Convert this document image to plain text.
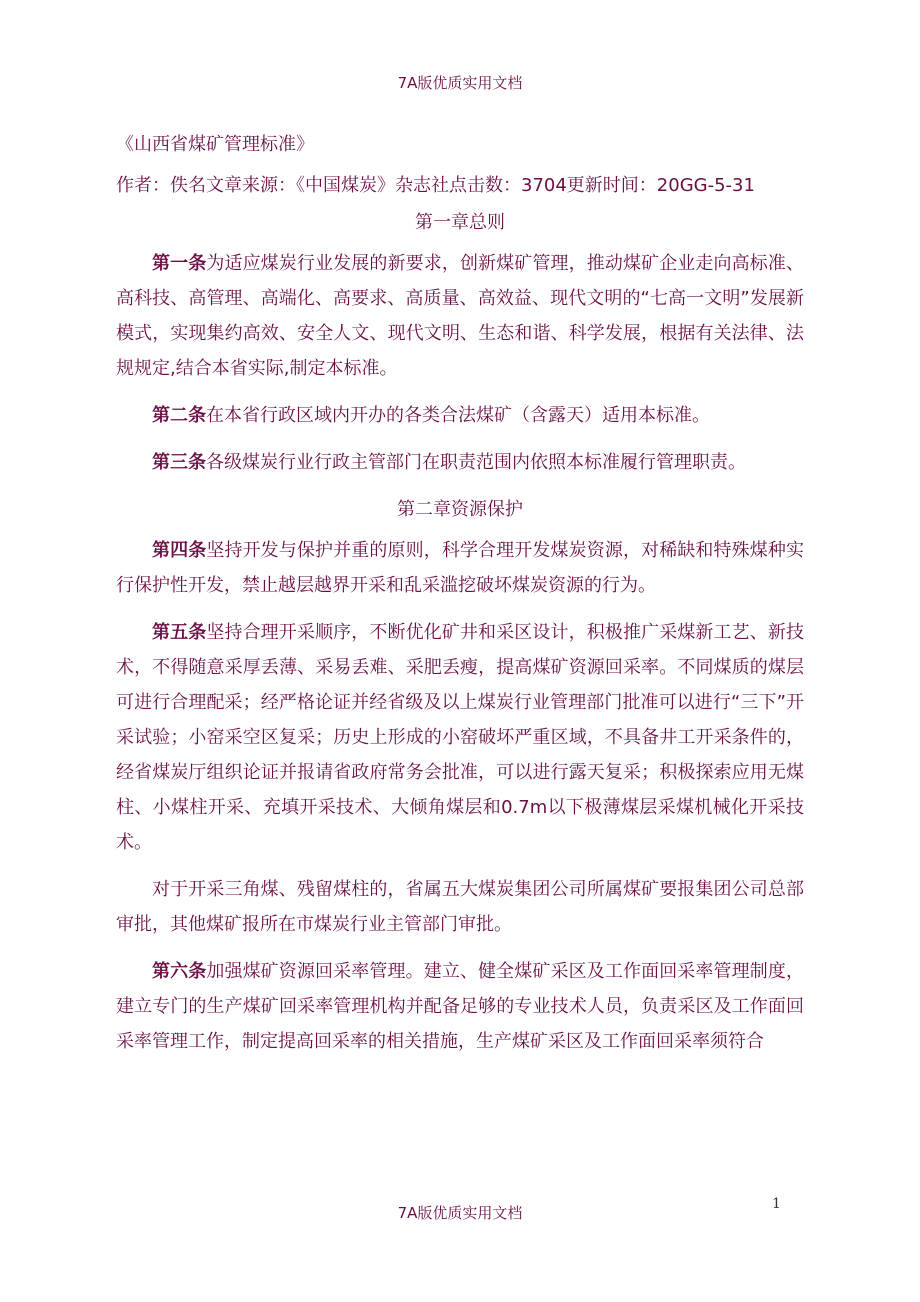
7A版优质实用文档

《山西省煤矿管理标准》

作者：佚名文章来源：《中国煤炭》杂志社点击数：3704更新时间：20GG-5-31

第一章总则

第一条为适应煤炭行业发展的新要求，创新煤矿管理，推动煤矿企业走向高标准、高科技、高管理、高端化、高要求、高质量、高效益、现代文明的“七高一文明”发展新模式，实现集约高效、安全人文、现代文明、生态和谐、科学发展，根据有关法律、法规规定,结合本省实际,制定本标准。

第二条在本省行政区域内开办的各类合法煤矿（含露天）适用本标准。

第三条各级煤炭行业行政主管部门在职责范围内依照本标准履行管理职责。

第二章资源保护

第四条坚持开发与保护并重的原则，科学合理开发煤炭资源，对稀缺和特殊煤种实行保护性开发，禁止越层越界开采和乱采滥挖破坏煤炭资源的行为。

第五条坚持合理开采顺序，不断优化矿井和采区设计，积极推广采煤新工艺、新技术，不得随意采厚丢薄、采易丢难、采肥丢瘦，提高煤矿资源回采率。不同煤质的煤层可进行合理配采；经严格论证并经省级及以上煤炭行业管理部门批准可以进行“三下”开采试验；小窑采空区复采；历史上形成的小窑破坏严重区域，不具备井工开采条件的，经省煤炭厅组织论证并报请省政府常务会批准，可以进行露天复采；积极探索应用无煤柱、小煤柱开采、充填开采技术、大倾角煤层和0.7m以下极薄煤层采煤机械化开采技术。

对于开采三角煤、残留煤柱的，省属五大煤炭集团公司所属煤矿要报集团公司总部审批，其他煤矿报所在市煤炭行业主管部门审批。

第六条加强煤矿资源回采率管理。建立、健全煤矿采区及工作面回采率管理制度，建立专门的生产煤矿回采率管理机构并配备足够的专业技术人员，负责采区及工作面回采率管理工作，制定提高回采率的相关措施，生产煤矿采区及工作面回采率须符合

1
7A版优质实用文档
